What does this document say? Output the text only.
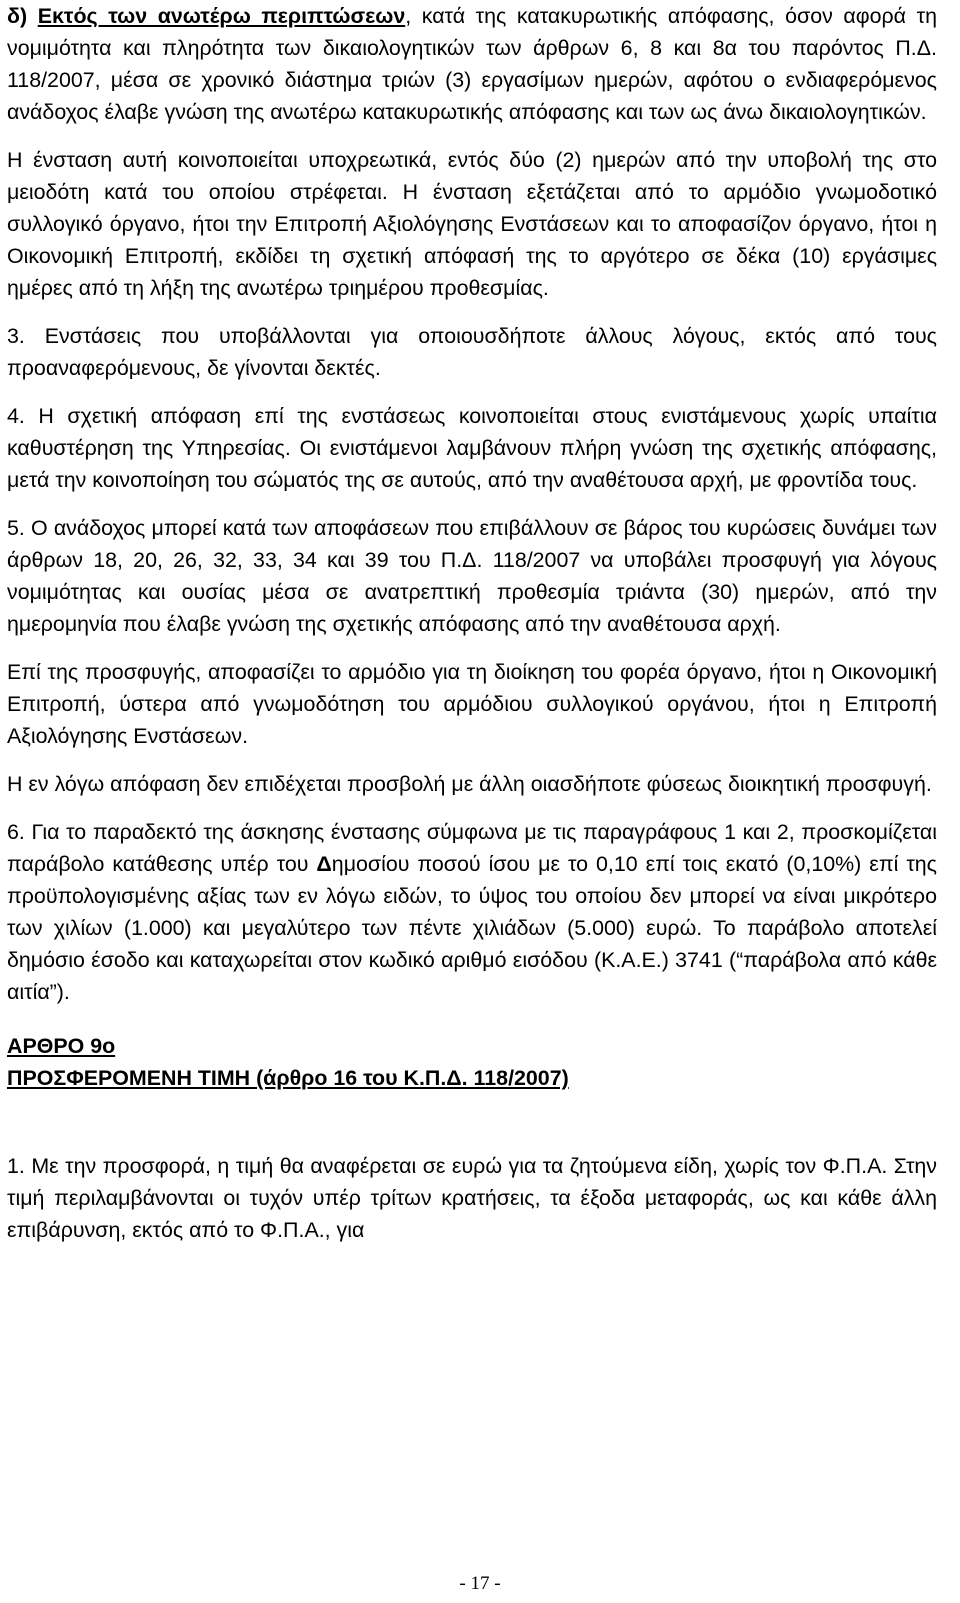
δ) Εκτός των ανωτέρω περιπτώσεων, κατά της κατακυρωτικής απόφασης, όσον αφορά τη νομιμότητα και πληρότητα των δικαιολογητικών των άρθρων 6, 8 και 8α του παρόντος Π.Δ. 118/2007, μέσα σε χρονικό διάστημα τριών (3) εργασίμων ημερών, αφότου ο ενδιαφερόμενος ανάδοχος έλαβε γνώση της ανωτέρω κατακυρωτικής απόφασης και των ως άνω δικαιολογητικών.

Η ένσταση αυτή κοινοποιείται υποχρεωτικά, εντός δύο (2) ημερών από την υποβολή της στο μειοδότη κατά του οποίου στρέφεται. Η ένσταση εξετάζεται από το αρμόδιο γνωμοδοτικό συλλογικό όργανο, ήτοι την Επιτροπή Αξιολόγησης Ενστάσεων και το αποφασίζον όργανο, ήτοι η Οικονομική Επιτροπή, εκδίδει τη σχετική απόφασή της το αργότερο σε δέκα (10) εργάσιμες ημέρες από τη λήξη της ανωτέρω τριημέρου προθεσμίας.

3. Ενστάσεις που υποβάλλονται για οποιουσδήποτε άλλους λόγους, εκτός από τους προαναφερόμενους, δε γίνονται δεκτές.

4. Η σχετική απόφαση επί της ενστάσεως κοινοποιείται στους ενιστάμενους χωρίς υπαίτια καθυστέρηση της Υπηρεσίας. Οι ενιστάμενοι λαμβάνουν πλήρη γνώση της σχετικής απόφασης, μετά την κοινοποίηση του σώματός της σε αυτούς, από την αναθέτουσα αρχή, με φροντίδα τους.

5. Ο ανάδοχος μπορεί κατά των αποφάσεων που επιβάλλουν σε βάρος του κυρώσεις δυνάμει των άρθρων 18, 20, 26, 32, 33, 34 και 39 του Π.Δ. 118/2007 να υποβάλει προσφυγή για λόγους νομιμότητας και ουσίας μέσα σε ανατρεπτική προθεσμία τριάντα (30) ημερών, από την ημερομηνία που έλαβε γνώση της σχετικής απόφασης από την αναθέτουσα αρχή.

Επί της προσφυγής, αποφασίζει το αρμόδιο για τη διοίκηση του φορέα όργανο, ήτοι η Οικονομική Επιτροπή, ύστερα από γνωμοδότηση του αρμόδιου συλλογικού οργάνου, ήτοι η Επιτροπή Αξιολόγησης Ενστάσεων.

Η εν λόγω απόφαση δεν επιδέχεται προσβολή με άλλη οιασδήποτε φύσεως διοικητική προσφυγή.

6. Για το παραδεκτό της άσκησης ένστασης σύμφωνα με τις παραγράφους 1 και 2, προσκομίζεται παράβολο κατάθεσης υπέρ του Δημοσίου ποσού ίσου με το 0,10 επί τοις εκατό (0,10%) επί της προϋπολογισμένης αξίας των εν λόγω ειδών, το ύψος του οποίου δεν μπορεί να είναι μικρότερο των χιλίων (1.000) και μεγαλύτερο των πέντε χιλιάδων (5.000) ευρώ. Το παράβολο αποτελεί δημόσιο έσοδο και καταχωρείται στον κωδικό αριθμό εισόδου (Κ.Α.Ε.) 3741 (“παράβολα από κάθε αιτία”).

ΑΡΘΡΟ 9ο
ΠΡΟΣΦΕΡΟΜΕΝΗ ΤΙΜΗ (άρθρο 16 του Κ.Π.Δ. 118/2007)

1. Με την προσφορά, η τιμή θα αναφέρεται σε ευρώ για τα ζητούμενα είδη, χωρίς τον Φ.Π.Α. Στην τιμή περιλαμβάνονται οι τυχόν υπέρ τρίτων κρατήσεις, τα έξοδα μεταφοράς, ως και κάθε άλλη επιβάρυνση, εκτός από το Φ.Π.Α., για

- 17 -
